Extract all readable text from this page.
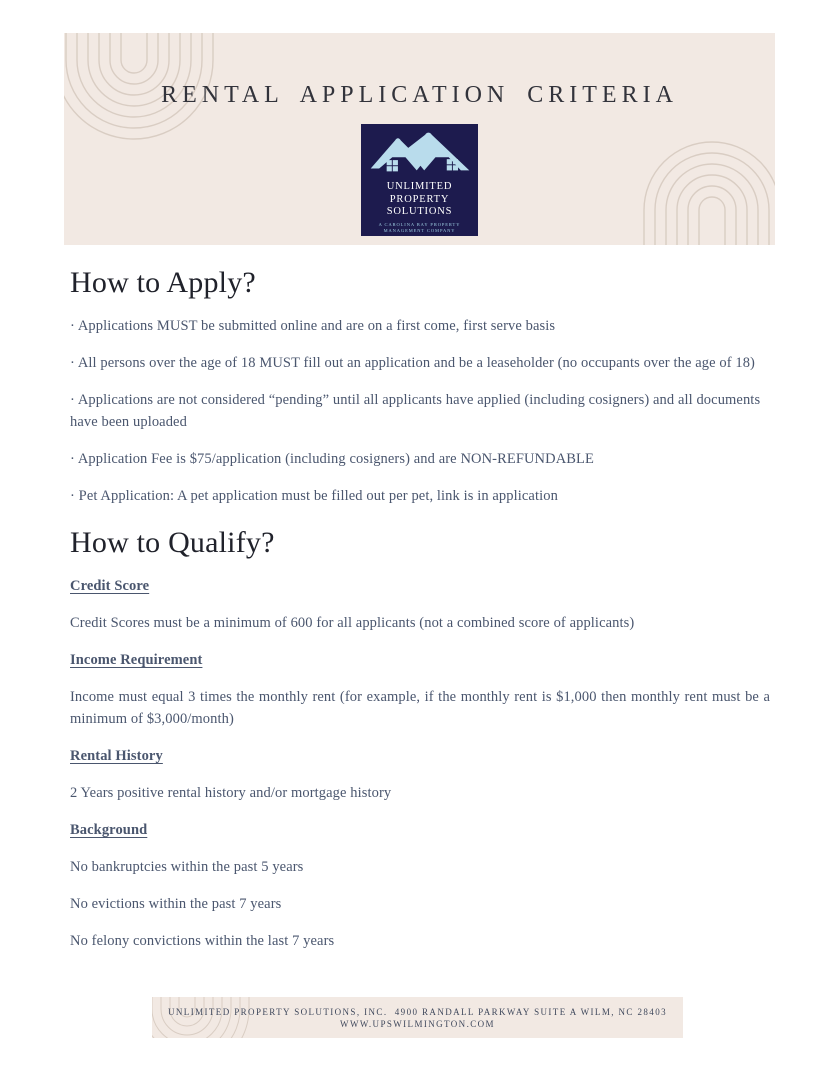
RENTAL APPLICATION CRITERIA
UNLIMITED
PROPERTY
SOLUTIONS
A CAROLINA BAY PROPERTY
MANAGEMENT COMPANY
How to Apply?

· Applications MUST be submitted online and are on a first come, first serve basis

· All persons over the age of 18 MUST fill out an application and be a leaseholder (no occupants over the age of 18)

· Applications are not considered “pending” until all applicants have applied (including cosigners) and all documents have been uploaded

· Application Fee is $75/application (including cosigners) and are NON-REFUNDABLE

· Pet Application: A pet application must be filled out per pet, link is in application

How to Qualify?
Credit Score

Credit Scores must be a minimum of 600 for all applicants (not a combined score of applicants)

Income Requirement

Income must equal 3 times the monthly rent (for example, if the monthly rent is $1,000 then monthly rent must be a minimum of $3,000/month)

Rental History

2 Years positive rental history and/or mortgage history

Background

No bankruptcies within the past 5 years

No evictions within the past 7 years

No felony convictions within the last 7 years

UNLIMITED PROPERTY SOLUTIONS, INC.  4900 RANDALL PARKWAY SUITE A WILM, NC 28403
WWW.UPSWILMINGTON.COM
